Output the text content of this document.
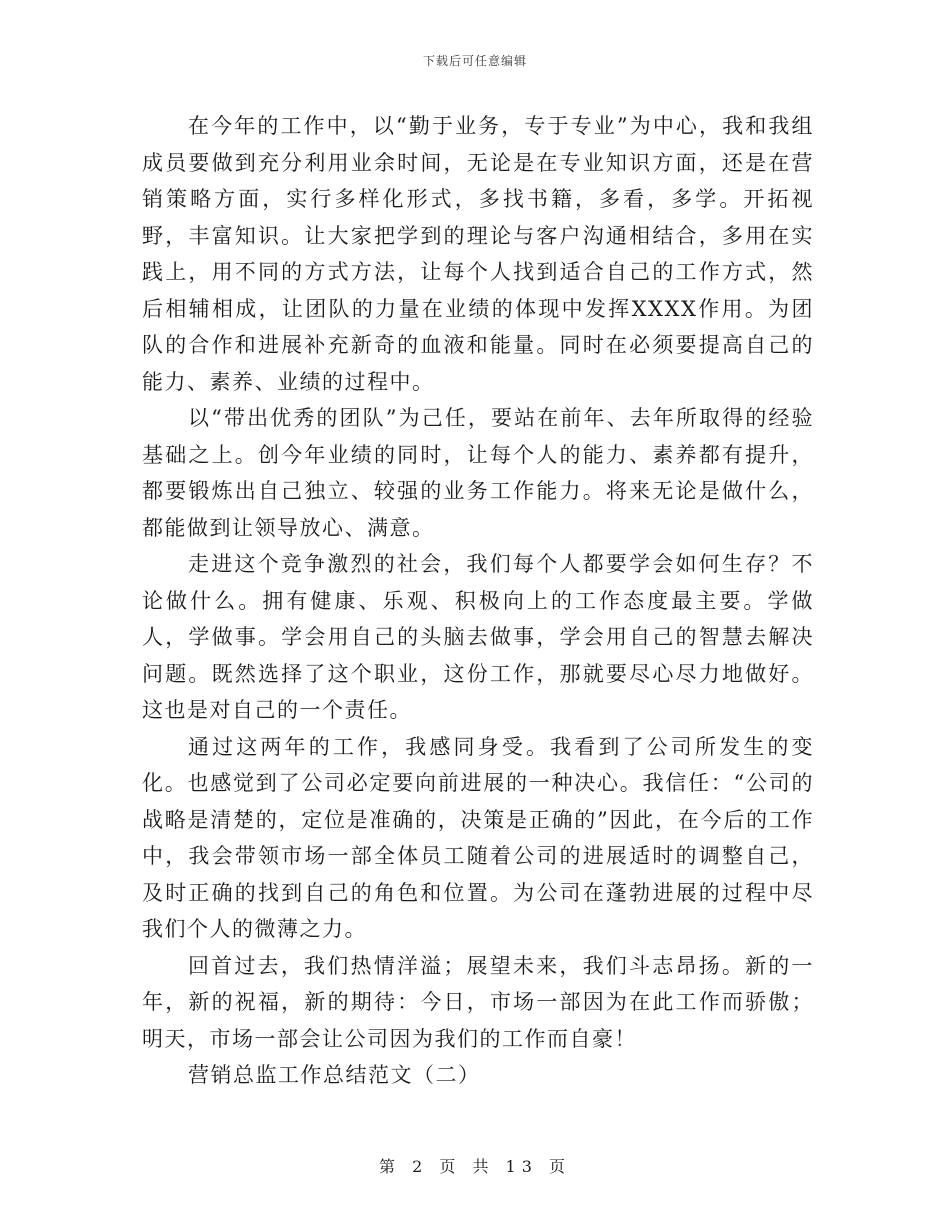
下载后可任意编辑

在今年的工作中，以“勤于业务，专于专业”为中心，我和我组成员要做到充分利用业余时间，无论是在专业知识方面，还是在营销策略方面，实行多样化形式，多找书籍，多看，多学。开拓视野，丰富知识。让大家把学到的理论与客户沟通相结合，多用在实践上，用不同的方式方法，让每个人找到适合自己的工作方式，然后相辅相成，让团队的力量在业绩的体现中发挥XXXX作用。为团队的合作和进展补充新奇的血液和能量。同时在必须要提高自己的能力、素养、业绩的过程中。

以“带出优秀的团队”为己任，要站在前年、去年所取得的经验基础之上。创今年业绩的同时，让每个人的能力、素养都有提升，都要锻炼出自己独立、较强的业务工作能力。将来无论是做什么，都能做到让领导放心、满意。

走进这个竞争激烈的社会，我们每个人都要学会如何生存？不论做什么。拥有健康、乐观、积极向上的工作态度最主要。学做人，学做事。学会用自己的头脑去做事，学会用自己的智慧去解决问题。既然选择了这个职业，这份工作，那就要尽心尽力地做好。这也是对自己的一个责任。

通过这两年的工作，我感同身受。我看到了公司所发生的变化。也感觉到了公司必定要向前进展的一种决心。我信任：“公司的战略是清楚的，定位是准确的，决策是正确的”因此，在今后的工作中，我会带领市场一部全体员工随着公司的进展适时的调整自己，及时正确的找到自己的角色和位置。为公司在蓬勃进展的过程中尽我们个人的微薄之力。

回首过去，我们热情洋溢；展望未来，我们斗志昂扬。新的一年，新的祝福，新的期待：今日，市场一部因为在此工作而骄傲；明天，市场一部会让公司因为我们的工作而自豪！

营销总监工作总结范文（二）

第 2 页 共 13 页
